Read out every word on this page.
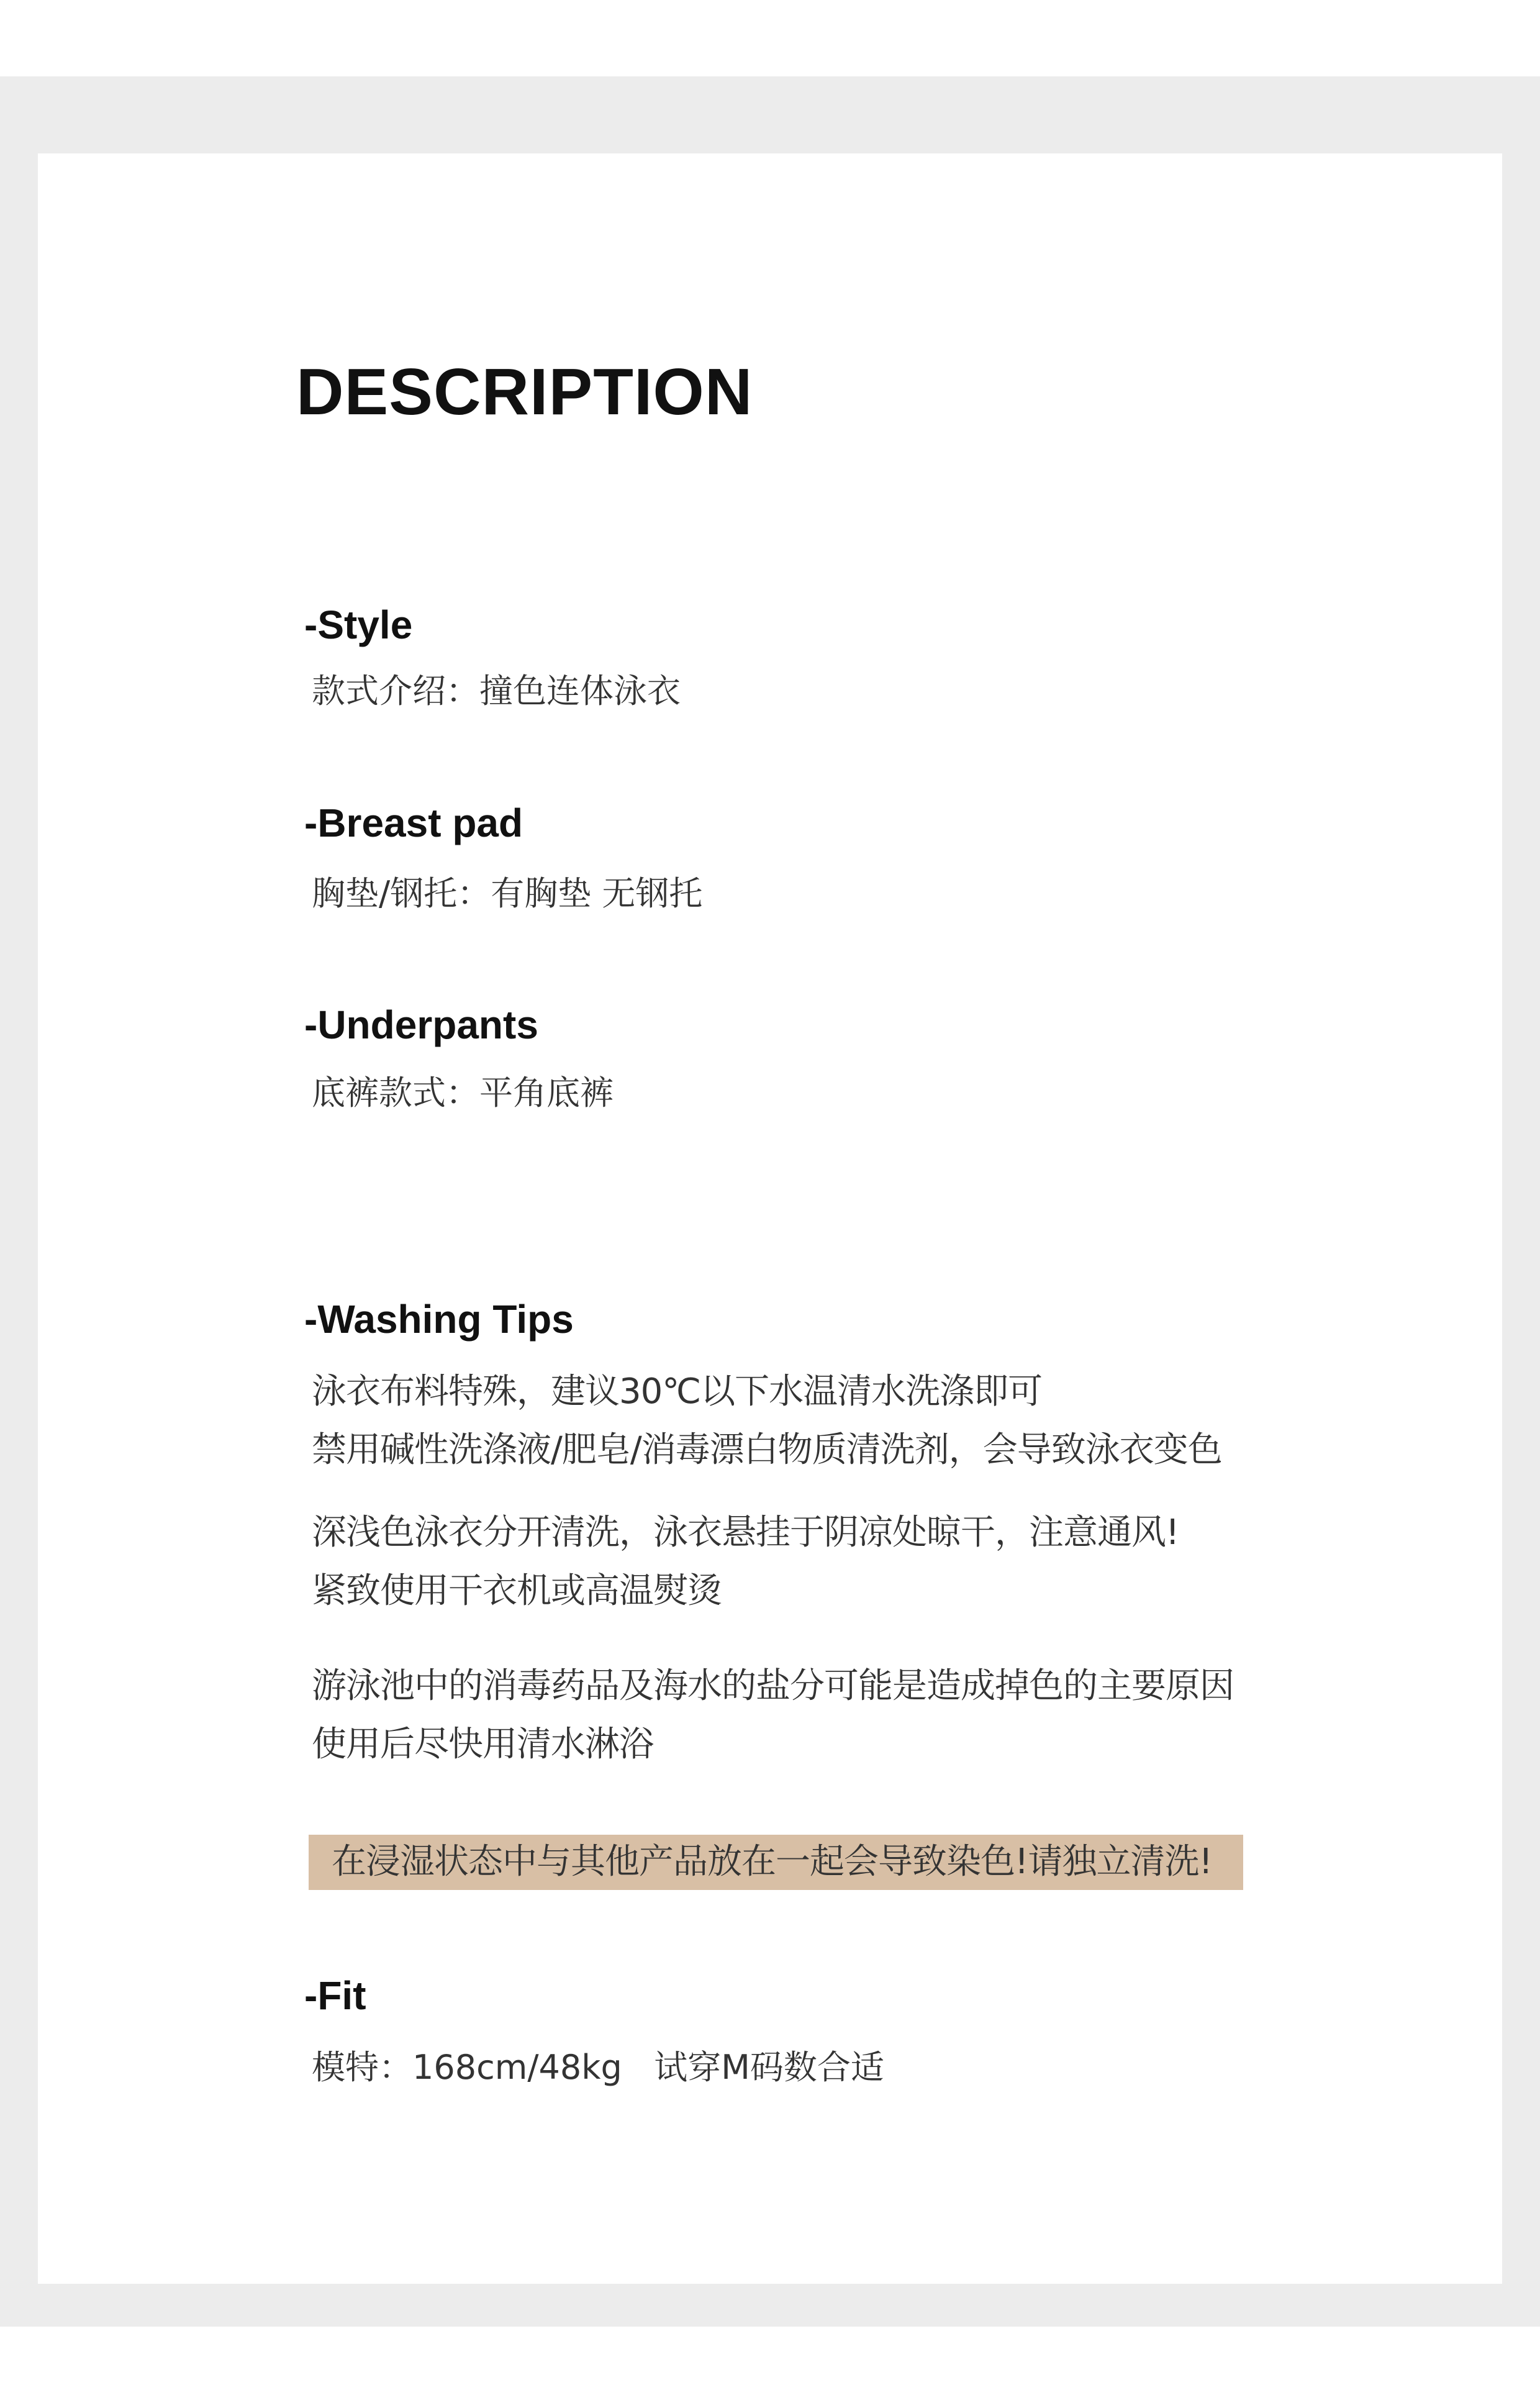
DESCRIPTION
-Style
款式介绍：撞色连体泳衣
-Breast pad
胸垫/钢托：有胸垫 无钢托
-Underpants
底裤款式：平角底裤
-Washing Tips
泳衣布料特殊，建议30℃以下水温清水洗涤即可
禁用碱性洗涤液/肥皂/消毒漂白物质清洗剂，会导致泳衣变色
深浅色泳衣分开清洗，泳衣悬挂于阴凉处晾干，注意通风!
紧致使用干衣机或高温熨烫
游泳池中的消毒药品及海水的盐分可能是造成掉色的主要原因
使用后尽快用清水淋浴
在浸湿状态中与其他产品放在一起会导致染色!请独立清洗!
-Fit
模特：168cm/48kg   试穿M码数合适
